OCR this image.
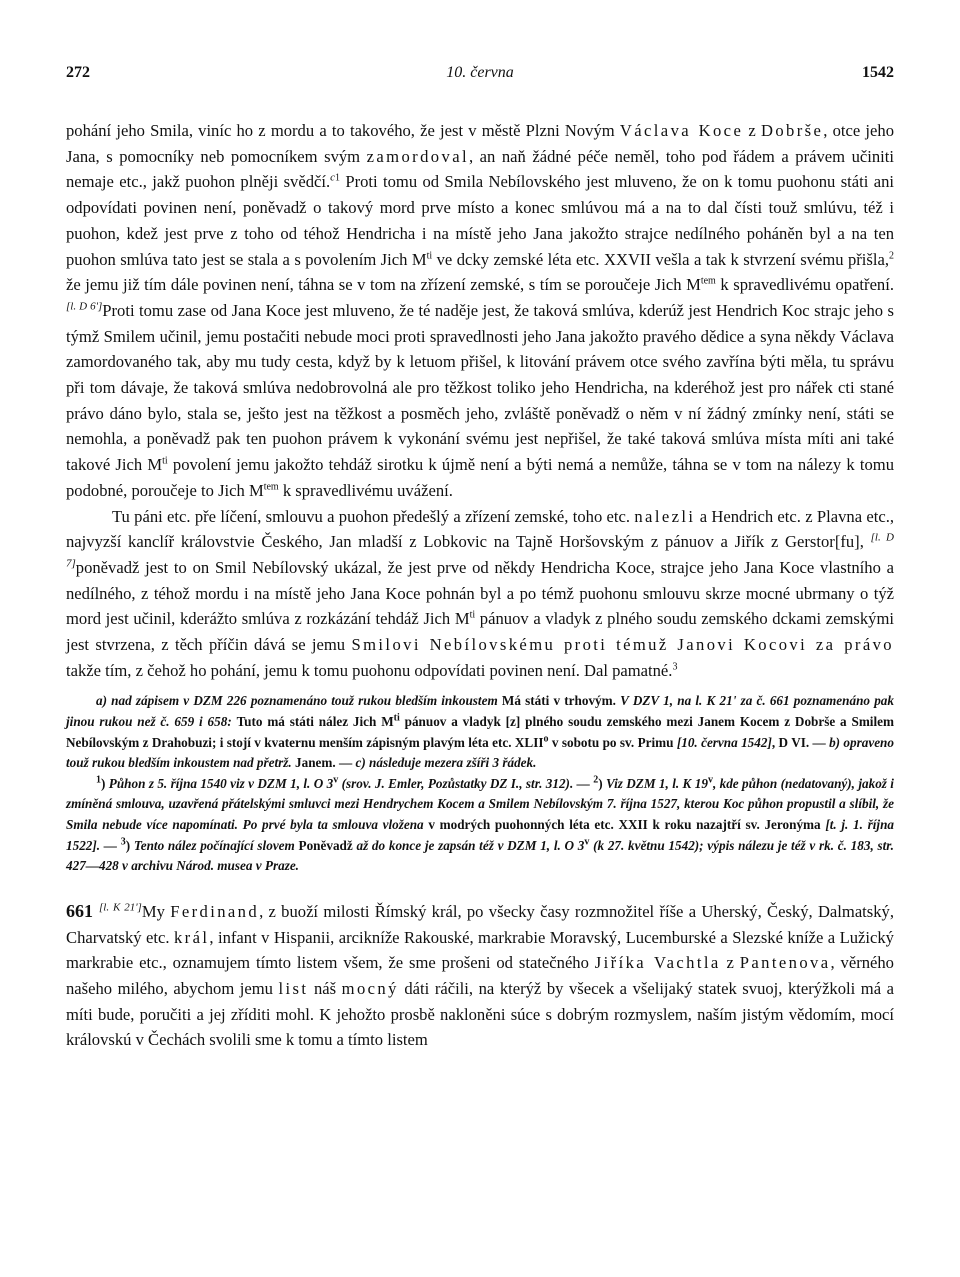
272	10. června	1542

pohání jeho Smila, viníc ho z mordu a to takového, že jest v městě Plzni Novým Václava Koce z Dobrše, otce jeho Jana, s pomocníky neb pomocníkem svým zamordoval, an naň žádné péče neměl, toho pod řádem a právem učiniti nemaje etc., jakž puohon plněji svědčí.$^{c1}$ Proti tomu od Smila Nebílovského jest mluveno, že on k tomu puohonu státi ani odpovídati povinen není, poněvadž o takový mord prve místo a konec smlúvou má a na to dal čísti touž smlúvu, též i puohon, kdež jest prve z toho od téhož Hendricha i na místě jeho Jana jakožto strajce nedílného poháněn byl a na ten puohon smlúva tato jest se stala a s povolením Jich $M^{ti}$ ve dcky zemské léta etc. XXVII vešla a tak k stvrzení svému přišla,$^2$ že jemu již tím dále povinen není, táhna se v tom na zřízení zemské, s tím se poroučeje Jich $M^{tem}$ k spravedlivému opatření. [l. D 6']Proti tomu zase od Jana Koce jest mluveno, že té naděje jest, že taková smlúva, kderúž jest Hendrich Koc strajc jeho s týmž Smilem učinil, jemu postačiti nebude moci proti spravedlnosti jeho Jana jakožto pravého dědice a syna někdy Václava zamordovaného tak, aby mu tudy cesta, když by k letuom přišel, k litování právem otce svého zavřína býti měla, tu správu při tom dávaje, že taková smlúva nedobrovolná ale pro těžkost toliko jeho Hendricha, na kderéhož jest pro nářek cti stané právo dáno bylo, stala se, ješto jest na těžkost a posměch jeho, zvláště poněvadž o něm v ní žádný zmínky není, státi se nemohla, a poněvadž pak ten puohon právem k vykonání svému jest nepřišel, že také taková smlúva místa míti ani také takové Jich $M^{ti}$ povolení jemu jakožto tehdáž sirotku k újmě není a býti nemá a nemůže, táhna se v tom na nálezy k tomu podobné, poroučeje to Jich $M^{tem}$ k spravedlivému uvážení.

Tu páni etc. pře líčení, smlouvu a puohon předešlý a zřízení zemské, toho etc. nalezli a Hendrich etc. z Plavna etc., najvyzší kanclíř královstvie Českého, Jan mladší z Lobkovic na Tajně Horšovským z pánuov a Jiřík z Gerstor[fu], [l. D 7]poněvadž jest to on Smil Nebílovský ukázal, že jest prve od někdy Hendricha Koce, strajce jeho Jana Koce vlastního a nedílného, z téhož mordu i na místě jeho Jana Koce pohnán byl a po témž puohonu smlouvu skrze mocné ubrmany o týž mord jest učinil, kderážto smlúva z rozkázání tehdáž Jich $M^{ti}$ pánuov a vladyk z plného soudu zemského dckami zemskými jest stvrzena, z těch příčin dává se jemu Smilovi Nebílovskému proti témuž Janovi Kocovi za právo takže tím, z čehož ho pohání, jemu k tomu puohonu odpovídati povinen není. Dal pamatné.$^3$

a) nad zápisem v DZM 226 poznamenáno touž rukou bledším inkoustem Má státi v trhovým. V DZV 1, na l. K 21' za č. 661 poznamenáno pak jinou rukou než č. 659 i 658: Tuto má státi nález Jich $M^{ti}$ pánuov a vladyk [z] plného soudu zemského mezi Janem Kocem z Dobrše a Smilem Nebílovským z Drahobuzi; i stojí v kvaternu menším zápisným plavým léta etc. XLII$^o$ v sobotu po sv. Primu [10. června 1542], D VI. — b) opraveno touž rukou bledším inkoustem nad přetrž. Janem. — c) následuje mezera zšíři 3 řádek.

$^1$) Půhon z 5. října 1540 viz v DZM 1, l. O 3$^v$ (srov. J. Emler, Pozůstatky DZ I., str. 312). — $^2$) Viz DZM 1, l. K 19$^v$, kde půhon (nedatovaný), jakož i zmíněná smlouva, uzavřená přátelskými smluvci mezi Hendrychem Kocem a Smilem Nebílovským 7. října 1527, kterou Koc půhon propustil a slíbil, že Smila nebude více napomínati. Po prvé byla ta smlouva vložena v modrých puohonných léta etc. XXII k roku nazajtří sv. Jeronýma [t. j. 1. října 1522]. — $^3$) Tento nález počínající slovem Poněvadž až do konce je zapsán též v DZM 1, l. O 3$^v$ (k 27. květnu 1542); výpis nálezu je též v rk. č. 183, str. 427—428 v archivu Národ. musea v Praze.

661 [l. K 21']My Ferdinand, z buoží milosti Římský král, po všecky časy rozmnožitel říše a Uherský, Český, Dalmatský, Charvatský etc. král, infant v Hispanii, arcikníže Rakouské, markrabie Moravský, Lucemburské a Slezské kníže a Lužický markrabie etc., oznamujem tímto listem všem, že sme prošeni od statečného Jiříka Vachtla z Pantenova, věrného našeho milého, abychom jemu list náš mocný dáti ráčili, na kterýž by všecek a všelijaký statek svuoj, kterýžkoli má a míti bude, poručiti a jej zříditi mohl. K jehožto prosbě nakloněni súce s dobrým rozmyslem, naším jistým vědomím, mocí královskú v Čechách svolili sme k tomu a tímto listem
